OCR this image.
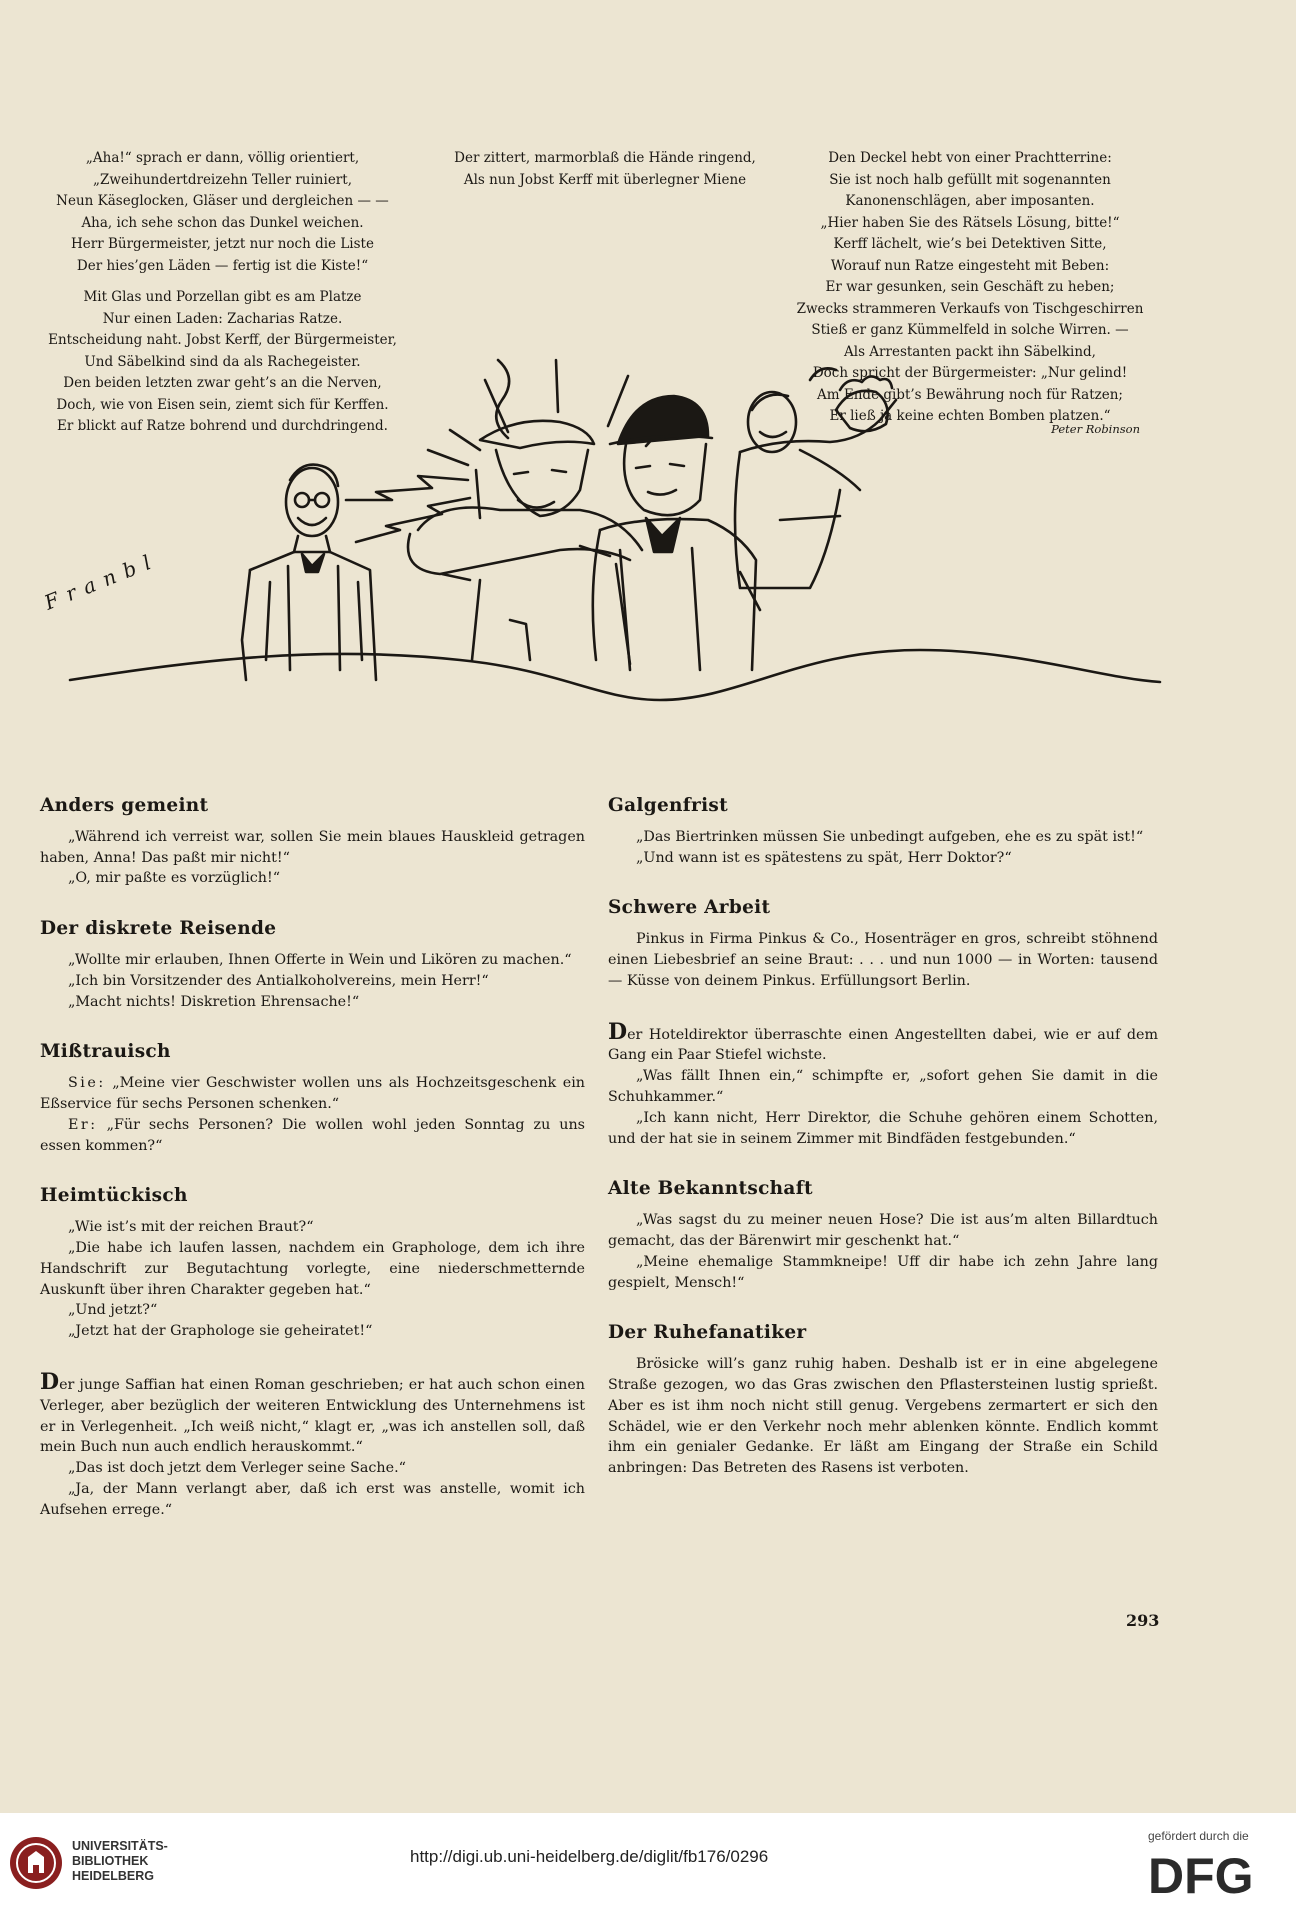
„Aha!“ sprach er dann, völlig orientiert,

„Zweihundertdreizehn Teller ruiniert,

Neun Käseglocken, Gläser und dergleichen — —

Aha, ich sehe schon das Dunkel weichen.

Herr Bürgermeister, jetzt nur noch die Liste

Der hies’gen Läden — fertig ist die Kiste!“

Mit Glas und Porzellan gibt es am Platze

Nur einen Laden: Zacharias Ratze.

Entscheidung naht. Jobst Kerff, der Bürgermeister,

Und Säbelkind sind da als Rachegeister.

Den beiden letzten zwar geht’s an die Nerven,

Doch, wie von Eisen sein, ziemt sich für Kerffen.

Er blickt auf Ratze bohrend und durchdringend.

Der zittert, marmorblaß die Hände ringend,

Als nun Jobst Kerff mit überlegner Miene

Den Deckel hebt von einer Prachtterrine:

Sie ist noch halb gefüllt mit sogenannten

Kanonenschlägen, aber imposanten.

„Hier haben Sie des Rätsels Lösung, bitte!“

Kerff lächelt, wie’s bei Detektiven Sitte,

Worauf nun Ratze eingesteht mit Beben:

Er war gesunken, sein Geschäft zu heben;

Zwecks strammeren Verkaufs von Tischgeschirren

Stieß er ganz Kümmelfeld in solche Wirren. —

Als Arrestanten packt ihn Säbelkind,

Doch spricht der Bürgermeister: „Nur gelind!

Am Ende gibt’s Bewährung noch für Ratzen;

Er ließ ja keine echten Bomben platzen.“

Peter Robinson
Franbl
Anders gemeint

„Während ich verreist war, sollen Sie mein blaues Hauskleid getragen haben, Anna! Das paßt mir nicht!“

„O, mir paßte es vorzüglich!“

Der diskrete Reisende

„Wollte mir erlauben, Ihnen Offerte in Wein und Likören zu machen.“

„Ich bin Vorsitzender des Antialkoholvereins, mein Herr!“

„Macht nichts! Diskretion Ehrensache!“

Mißtrauisch

Sie: „Meine vier Geschwister wollen uns als Hochzeitsgeschenk ein Eßservice für sechs Personen schenken.“

Er: „Für sechs Personen? Die wollen wohl jeden Sonntag zu uns essen kommen?“

Heimtückisch

„Wie ist’s mit der reichen Braut?“

„Die habe ich laufen lassen, nachdem ein Graphologe, dem ich ihre Handschrift zur Begutachtung vorlegte, eine niederschmetternde Auskunft über ihren Charakter gegeben hat.“

„Und jetzt?“

„Jetzt hat der Graphologe sie geheiratet!“

Der junge Saffian hat einen Roman geschrieben; er hat auch schon einen Verleger, aber bezüglich der weiteren Entwicklung des Unternehmens ist er in Verlegenheit. „Ich weiß nicht,“ klagt er, „was ich anstellen soll, daß mein Buch nun auch endlich herauskommt.“

„Das ist doch jetzt dem Verleger seine Sache.“

„Ja, der Mann verlangt aber, daß ich erst was anstelle, womit ich Aufsehen errege.“

Galgenfrist

„Das Biertrinken müssen Sie unbedingt aufgeben, ehe es zu spät ist!“

„Und wann ist es spätestens zu spät, Herr Doktor?“

Schwere Arbeit

Pinkus in Firma Pinkus & Co., Hosenträger en gros, schreibt stöhnend einen Liebesbrief an seine Braut: . . . und nun 1000 — in Worten: tausend — Küsse von deinem Pinkus. Erfüllungsort Berlin.

Der Hoteldirektor überraschte einen Angestellten dabei, wie er auf dem Gang ein Paar Stiefel wichste.

„Was fällt Ihnen ein,“ schimpfte er, „sofort gehen Sie damit in die Schuhkammer.“

„Ich kann nicht, Herr Direktor, die Schuhe gehören einem Schotten, und der hat sie in seinem Zimmer mit Bindfäden festgebunden.“

Alte Bekanntschaft

„Was sagst du zu meiner neuen Hose? Die ist aus’m alten Billardtuch gemacht, das der Bärenwirt mir geschenkt hat.“

„Meine ehemalige Stammkneipe! Uff dir habe ich zehn Jahre lang gespielt, Mensch!“

Der Ruhefanatiker

Brösicke will’s ganz ruhig haben. Deshalb ist er in eine abgelegene Straße gezogen, wo das Gras zwischen den Pflastersteinen lustig sprießt. Aber es ist ihm noch nicht still genug. Vergebens zermartert er sich den Schädel, wie er den Verkehr noch mehr ablenken könnte. Endlich kommt ihm ein genialer Gedanke. Er läßt am Eingang der Straße ein Schild anbringen: Das Betreten des Rasens ist verboten.

293
UNIVERSITÄTS-
BIBLIOTHEK
HEIDELBERG
http://digi.ub.uni-heidelberg.de/diglit/fb176/0296
gefördert durch die
DFG
